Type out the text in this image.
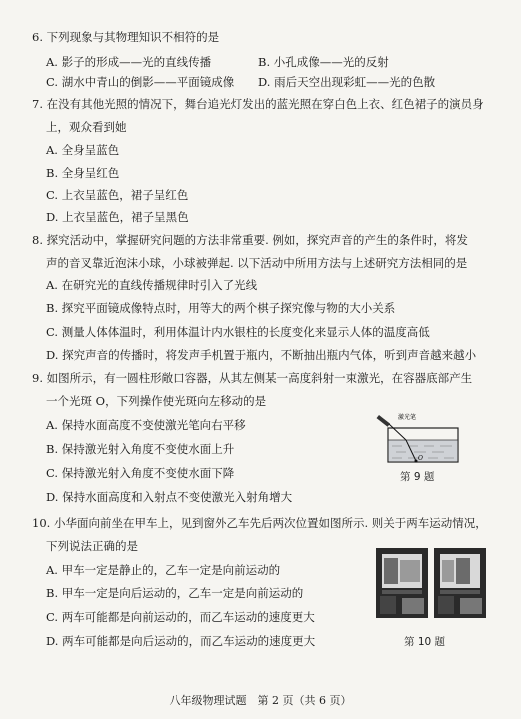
6. 下列现象与其物理知识不相符的是
A. 影子的形成——光的直线传播	B. 小孔成像——光的反射
C. 湖水中青山的倒影——平面镜成像 D. 雨后天空出现彩虹——光的色散
7. 在没有其他光照的情况下，舞台追光灯发出的蓝光照在穿白色上衣、红色裙子的演员身
上，观众看到她
A. 全身呈蓝色
B. 全身呈红色
C. 上衣呈蓝色，裙子呈红色
D. 上衣呈蓝色，裙子呈黑色
8. 探究活动中，掌握研究问题的方法非常重要. 例如，探究声音的产生的条件时，将发
声的音叉靠近泡沫小球，小球被弹起. 以下活动中所用方法与上述研究方法相同的是
A. 在研究光的直线传播规律时引入了光线
B. 探究平面镜成像特点时，用等大的两个棋子探究像与物的大小关系
C. 测量人体体温时，利用体温计内水银柱的长度变化来显示人体的温度高低
D. 探究声音的传播时，将发声手机置于瓶内，不断抽出瓶内气体，听到声音越来越小
9. 如图所示，有一圆柱形敞口容器，从其左侧某一高度斜射一束激光，在容器底部产生
一个光斑 O，下列操作使光斑向左移动的是
A. 保持水面高度不变使激光笔向右平移
B. 保持激光射入角度不变使水面上升
C. 保持激光射入角度不变使水面下降
D. 保持水面高度和入射点不变使激光入射角增大
激光笔
O
第 9 题
10. 小华面向前坐在甲车上，见到窗外乙车先后两次位置如图所示. 则关于两车运动情况，
下列说法正确的是
A. 甲车一定是静止的，乙车一定是向前运动的
B. 甲车一定是向后运动的，乙车一定是向前运动的
C. 两车可能都是向前运动的，而乙车运动的速度更大
D. 两车可能都是向后运动的，而乙车运动的速度更大	第 10 题
八年级物理试题　第 2 页（共 6 页）
